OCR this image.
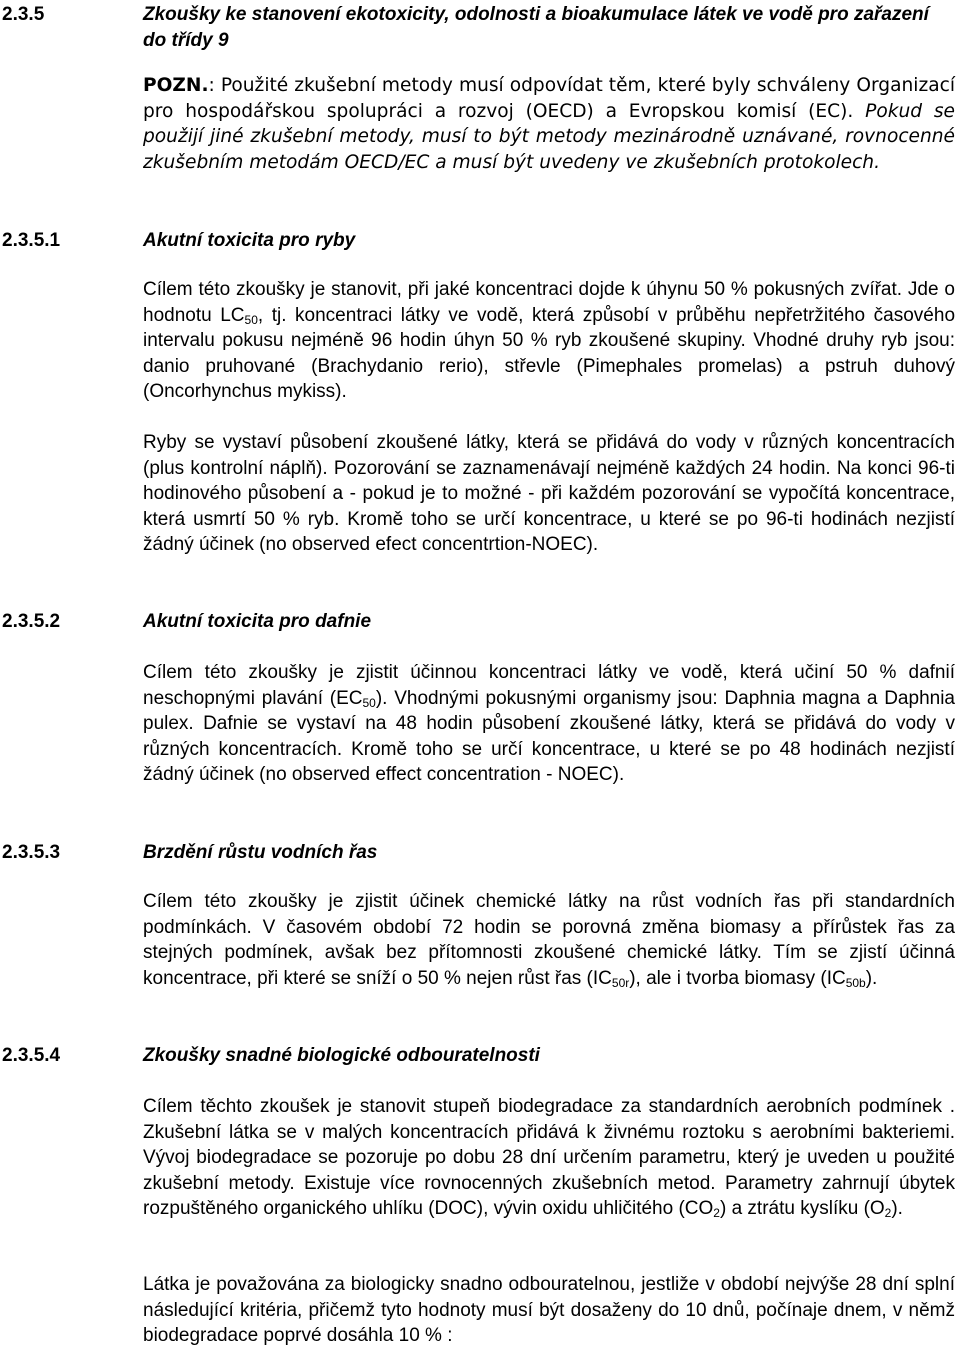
2.3.5	Zkoušky ke stanovení ekotoxicity, odolnosti a bioakumulace látek ve vodě pro zařazení do třídy 9
POZN.: Použité zkušební metody musí odpovídat těm, které byly schváleny Organizací pro hospodářskou spolupráci a rozvoj (OECD) a Evropskou komisí (EC). Pokud se použijí jiné zkušební metody, musí to být metody mezinárodně uznávané, rovnocenné zkušebním metodám OECD/EC a musí být uvedeny ve zkušebních protokolech.
2.3.5.1	Akutní toxicita pro ryby
Cílem této zkoušky je stanovit, při jaké koncentraci dojde k úhynu 50 % pokusných zvířat. Jde o hodnotu $LC_{50}$, tj. koncentraci látky ve vodě, která způsobí v průběhu nepřetržitého časového intervalu pokusu nejméně 96 hodin úhyn 50 % ryb zkoušené skupiny. Vhodné druhy ryb jsou: danio pruhované (Brachydanio rerio), střevle (Pimephales promelas) a pstruh duhový (Oncorhynchus mykiss).
Ryby se vystaví působení zkoušené látky, která se přidává do vody v různých koncentracích (plus kontrolní náplň). Pozorování se zaznamenávají nejméně každých 24 hodin. Na konci 96-ti hodinového působení a - pokud je to možné - při každém pozorování se vypočítá koncentrace, která usmrtí 50 % ryb. Kromě toho se určí koncentrace, u které se po 96-ti hodinách nezjistí žádný účinek (no observed efect concentrtion-NOEC).
2.3.5.2	Akutní toxicita pro dafnie
Cílem této zkoušky je zjistit účinnou koncentraci látky ve vodě, která učiní 50 % dafnií neschopnými plavání $(EC_{50})$. Vhodnými pokusnými organismy jsou: Daphnia magna a Daphnia pulex. Dafnie se vystaví na 48 hodin působení zkoušené látky, která se přidává do vody v různých koncentracích. Kromě toho se určí koncentrace, u které se po 48 hodinách nezjistí žádný účinek (no observed effect concentration - NOEC).
2.3.5.3	Brzdění růstu vodních řas
Cílem této zkoušky je zjistit účinek chemické látky na růst vodních řas při standardních podmínkách. V časovém období 72 hodin se porovná změna biomasy a přírůstek řas za stejných podmínek, avšak bez přítomnosti zkoušené chemické látky. Tím se zjistí účinná koncentrace, při které se sníží o 50 % nejen růst řas $(IC_{50r})$, ale i tvorba biomasy $(IC_{50b})$.
2.3.5.4	Zkoušky snadné biologické odbouratelnosti
Cílem těchto zkoušek je stanovit stupeň biodegradace za standardních aerobních podmínek . Zkušební látka se v malých koncentracích přidává k živnému roztoku s aerobními bakteriemi. Vývoj biodegradace se pozoruje po dobu 28 dní určením parametru, který je uveden u použité zkušební metody. Existuje více rovnocenných zkušebních metod. Parametry zahrnují úbytek rozpuštěného organického uhlíku (DOC), vývin oxidu uhličitého $(CO_2)$ a ztrátu kyslíku $(O_2)$.
Látka je považována za biologicky snadno odbouratelnou, jestliže v období nejvýše 28 dní splní následující kritéria, přičemž tyto hodnoty musí být dosaženy do 10 dnů, počínaje dnem, v němž biodegradace poprvé dosáhla 10 % :
